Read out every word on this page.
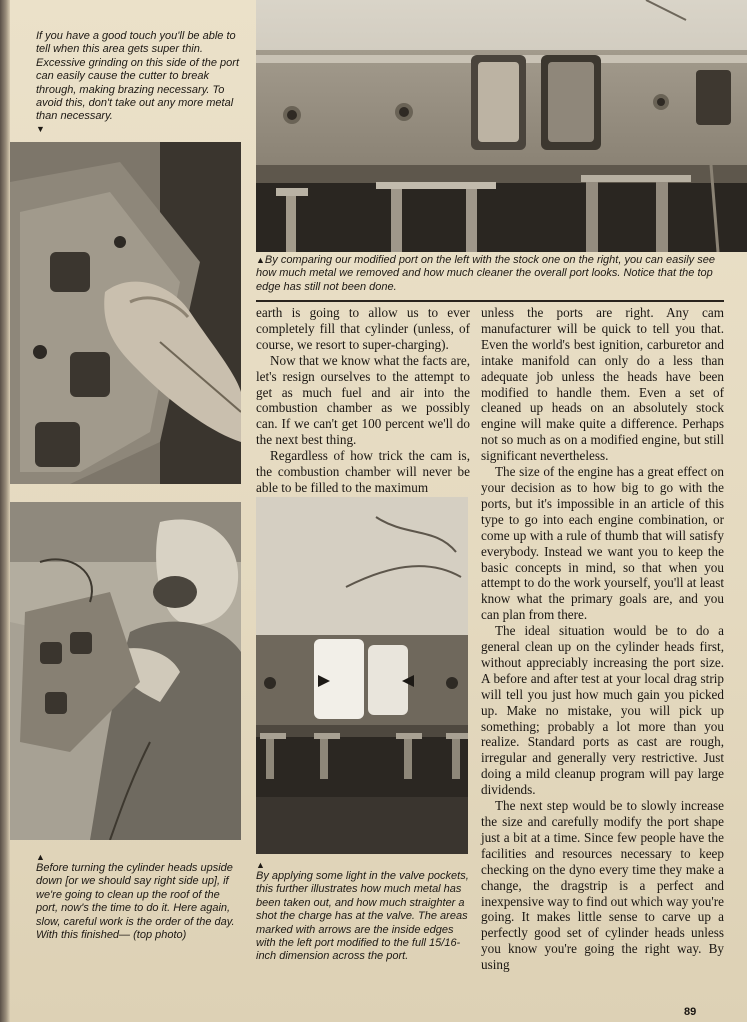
If you have a good touch you'll be able to tell when this area gets super thin. Excessive grinding on this side of the port can easily cause the cutter to break through, making brazing necessary. To avoid this, don't take out any more metal than necessary.
▼
▲By comparing our modified port on the left with the stock one on the right, you can easily see how much metal we removed and how much cleaner the overall port looks. Notice that the top edge has still not been done.
▲
Before turning the cylinder heads upside down [or we should say right side up], if we're going to clean up the roof of the port, now's the time to do it. Here again, slow, careful work is the order of the day. With this finished— (top photo)
▲
By applying some light in the valve pockets, this further illustrates how much metal has been taken out, and how much straighter a shot the charge has at the valve. The areas marked with arrows are the inside edges with the left port modified to the full 15/16-inch dimension across the port.

earth is going to allow us to ever completely fill that cylinder (unless, of course, we resort to super-charging).

Now that we know what the facts are, let's resign ourselves to the attempt to get as much fuel and air into the combustion chamber as we possibly can. If we can't get 100 percent we'll do the next best thing.

Regardless of how trick the cam is, the combustion chamber will never be able to be filled to the maximum

unless the ports are right. Any cam manufacturer will be quick to tell you that. Even the world's best ignition, carburetor and intake manifold can only do a less than adequate job unless the heads have been modified to handle them. Even a set of cleaned up heads on an absolutely stock engine will make quite a difference. Perhaps not so much as on a modified engine, but still significant nevertheless.

The size of the engine has a great effect on your decision as to how big to go with the ports, but it's impossible in an article of this type to go into each engine combination, or come up with a rule of thumb that will satisfy everybody. Instead we want you to keep the basic concepts in mind, so that when you attempt to do the work yourself, you'll at least know what the primary goals are, and you can plan from there.

The ideal situation would be to do a general clean up on the cylinder heads first, without appreciably increasing the port size. A before and after test at your local drag strip will tell you just how much gain you picked up. Make no mistake, you will pick up something; probably a lot more than you realize. Standard ports as cast are rough, irregular and generally very restrictive. Just doing a mild cleanup program will pay large dividends.

The next step would be to slowly increase the size and carefully modify the port shape just a bit at a time. Since few people have the facilities and resources necessary to keep checking on the dyno every time they make a change, the dragstrip is a perfect and inexpensive way to find out which way you're going. It makes little sense to carve up a perfectly good set of cylinder heads unless you know you're going the right way. By using

89
